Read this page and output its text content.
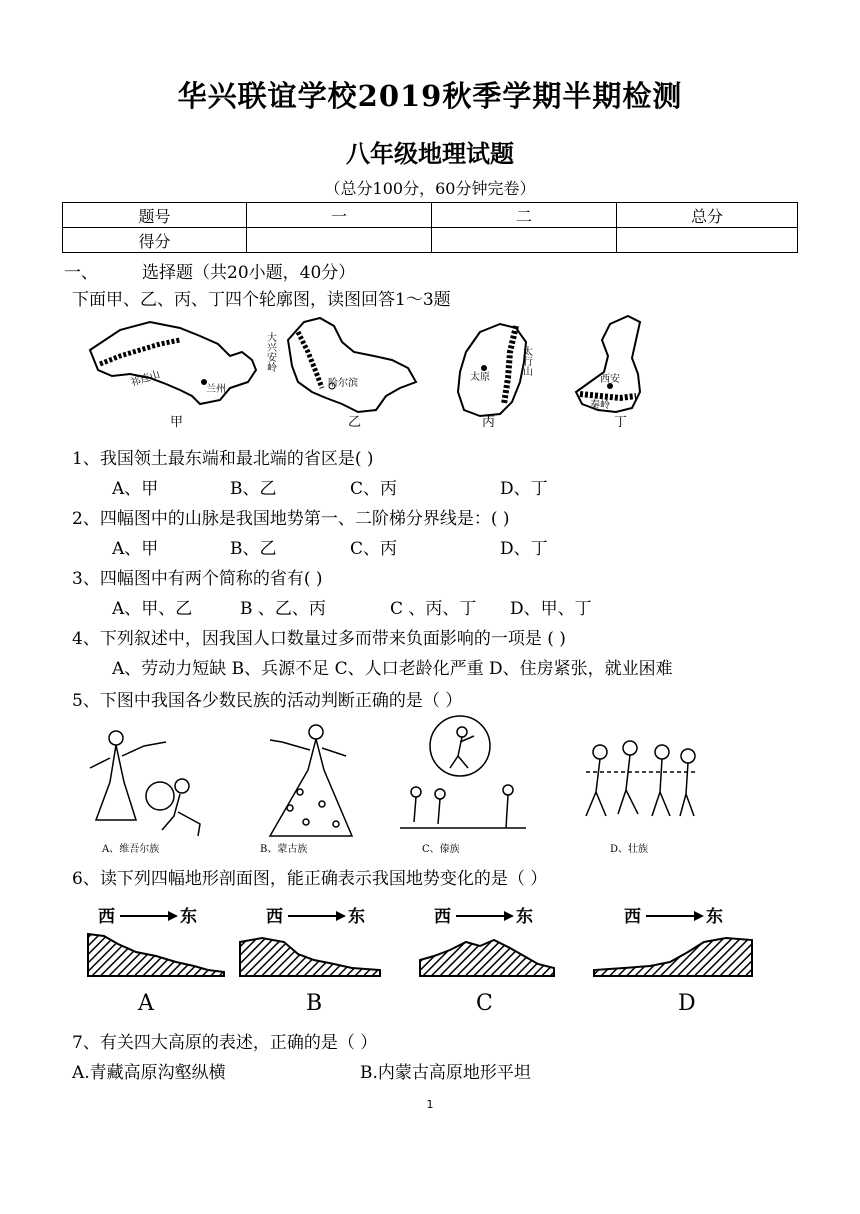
华兴联谊学校2019秋季学期半期检测
八年级地理试题
（总分100分，60分钟完卷）
题号	一	二	总分
得分			
一、	选择题（共20小题，40分）
下面甲、乙、丙、丁四个轮廓图，读图回答1～3题
甲
祁连山
兰州
乙
大兴安岭
哈尔滨
丙
太行山
太原
丁
秦岭
西安
1、我国领土最东端和最北端的省区是( )
A、甲	B、乙	C、丙	D、丁
2、四幅图中的山脉是我国地势第一、二阶梯分界线是：( )
A、甲	B、乙	C、丙	D、丁
3、四幅图中有两个简称的省有( )
A、甲、乙	B 、乙、丙	C 、丙、丁 D、甲、丁
4、下列叙述中，因我国人口数量过多而带来负面影响的一项是 ( )
A、劳动力短缺 B、兵源不足 C、人口老龄化严重 D、住房紧张，就业困难
5、下图中我国各少数民族的活动判断正确的是（ ）
A、维吾尔族	B、蒙古族	C、傣族	D、壮族
6、读下列四幅地形剖面图，能正确表示我国地势变化的是（ ）
西	东	西	东	西	东	西	东
A	B	C	D
7、有关四大高原的表述，正确的是（ ）
A.青藏高原沟壑纵横	B.内蒙古高原地形平坦
1
